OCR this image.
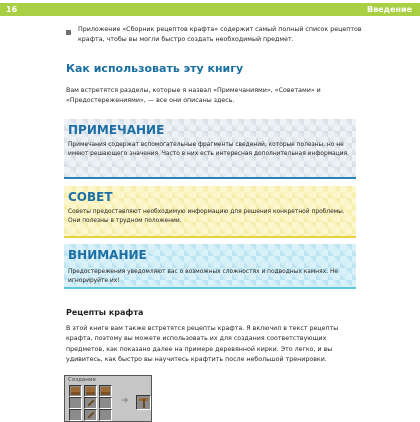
16	Введение
Приложение «Сборник рецептов крафта» содержит самый полный список рецептов крафта, чтобы вы могли быстро создать необходимый предмет.
Как использовать эту книгу
Вам встретятся разделы, которые я назвал «Примечаниями», «Советами» и «Предостережениями», — все они описаны здесь.
ПРИМЕЧАНИЕ
Примечания содержат вспомогательные фрагменты сведений, которые полезны, но не имеют решающего значения. Часто в них есть интересная дополнительная информация.
СОВЕТ
Советы предоставляют необходимую информацию для решения конкретной проблемы. Они полезны в трудном положении.
ВНИМАНИЕ
Предостережения уведомляют вас о возможных сложностях и подводных камнях. Не игнорируйте их!
Рецепты крафта
В этой книге вам также встретятся рецепты крафта. Я включил в текст рецепты крафта, поэтому вы можете использовать их для создания соответствующих предметов, как показано далее на примере деревянной кирки. Это легко, и вы удивитесь, как быстро вы научитесь крафтить после небольшой тренировки.
Создание
➜
